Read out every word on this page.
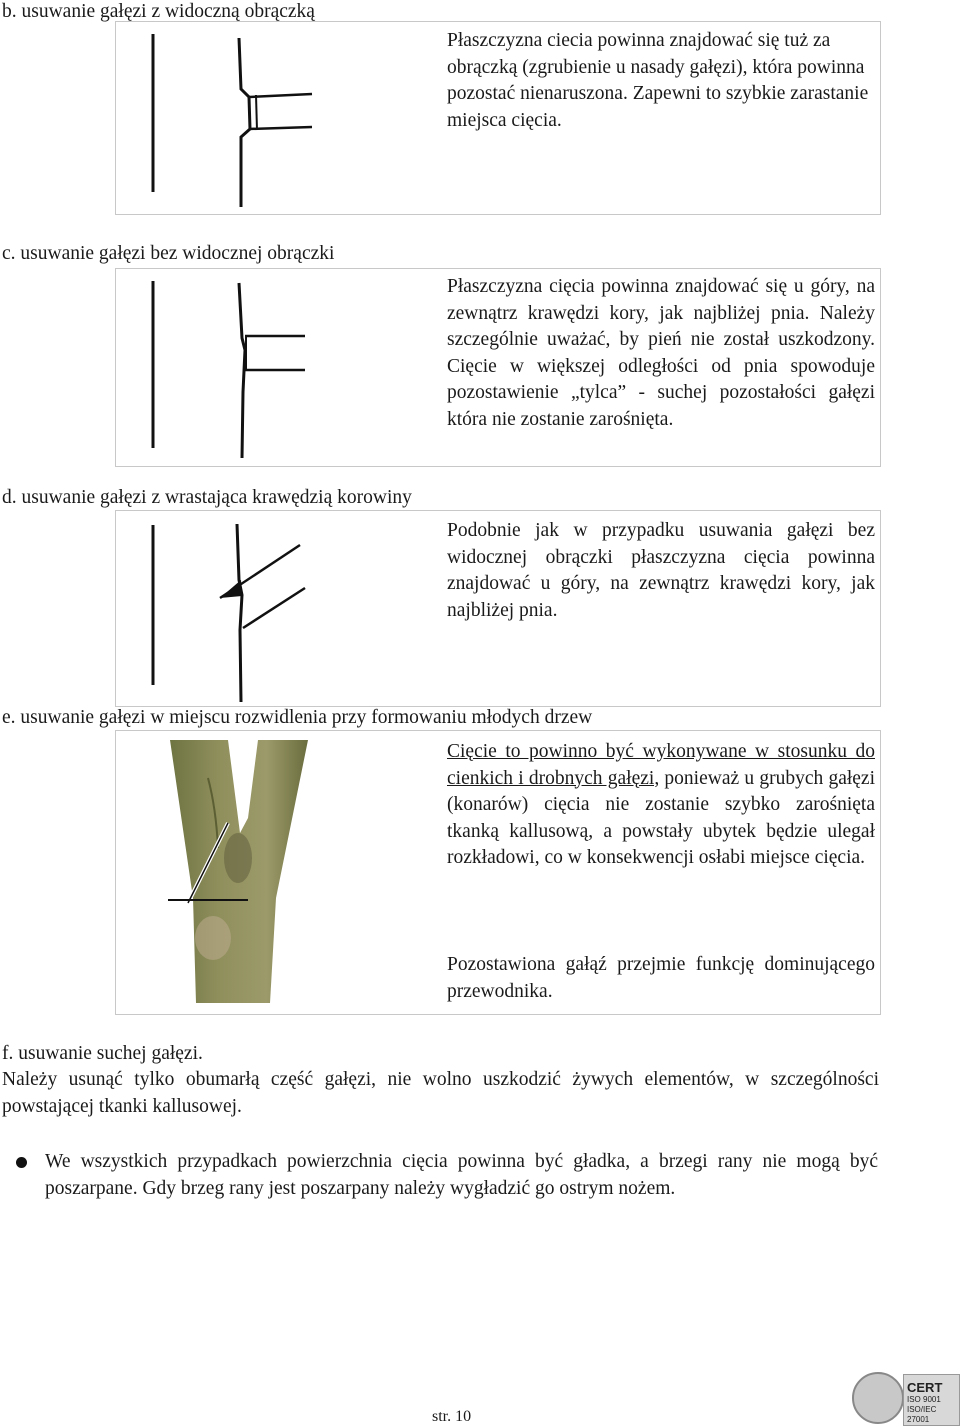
b. usuwanie gałęzi z widoczną obrączką
Płaszczyzna ciecia powinna znajdować się tuż za obrączką (zgrubienie u nasady gałęzi), która powinna pozostać nienaruszona. Zapewni to szybkie zarastanie miejsca cięcia.
c. usuwanie gałęzi bez widocznej obrączki
Płaszczyzna cięcia powinna znajdować się u góry, na zewnątrz krawędzi kory, jak najbliżej pnia. Należy szczególnie uważać, by pień nie został uszkodzony. Cięcie w większej odległości od pnia spowoduje pozostawienie „tylca” - suchej pozostałości gałęzi która nie zostanie zarośnięta.
d. usuwanie gałęzi z wrastająca krawędzią korowiny
Podobnie jak w przypadku usuwania gałęzi bez widocznej obrączki płaszczyzna cięcia powinna znajdować u góry, na zewnątrz krawędzi kory, jak najbliżej pnia.
e. usuwanie gałęzi w miejscu rozwidlenia przy formowaniu młodych drzew
Cięcie to powinno być wykonywane w stosunku do cienkich i drobnych gałęzi, ponieważ u grubych gałęzi (konarów) cięcia nie zostanie szybko zarośnięta tkanką kallusową, a powstały ubytek będzie ulegał rozkładowi, co w konsekwencji osłabi miejsce cięcia.
Pozostawiona gałąź przejmie funkcję dominującego przewodnika.
f. usuwanie suchej gałęzi.
Należy usunąć tylko obumarłą część gałęzi, nie wolno uszkodzić żywych elementów, w szczególności powstającej tkanki kallusowej.
We wszystkich przypadkach powierzchnia cięcia powinna być gładka, a brzegi rany nie mogą być poszarpane. Gdy brzeg rany jest poszarpany należy wygładzić go ostrym nożem.
str. 10
CERT
ISO 9001
ISO/IEC 27001
